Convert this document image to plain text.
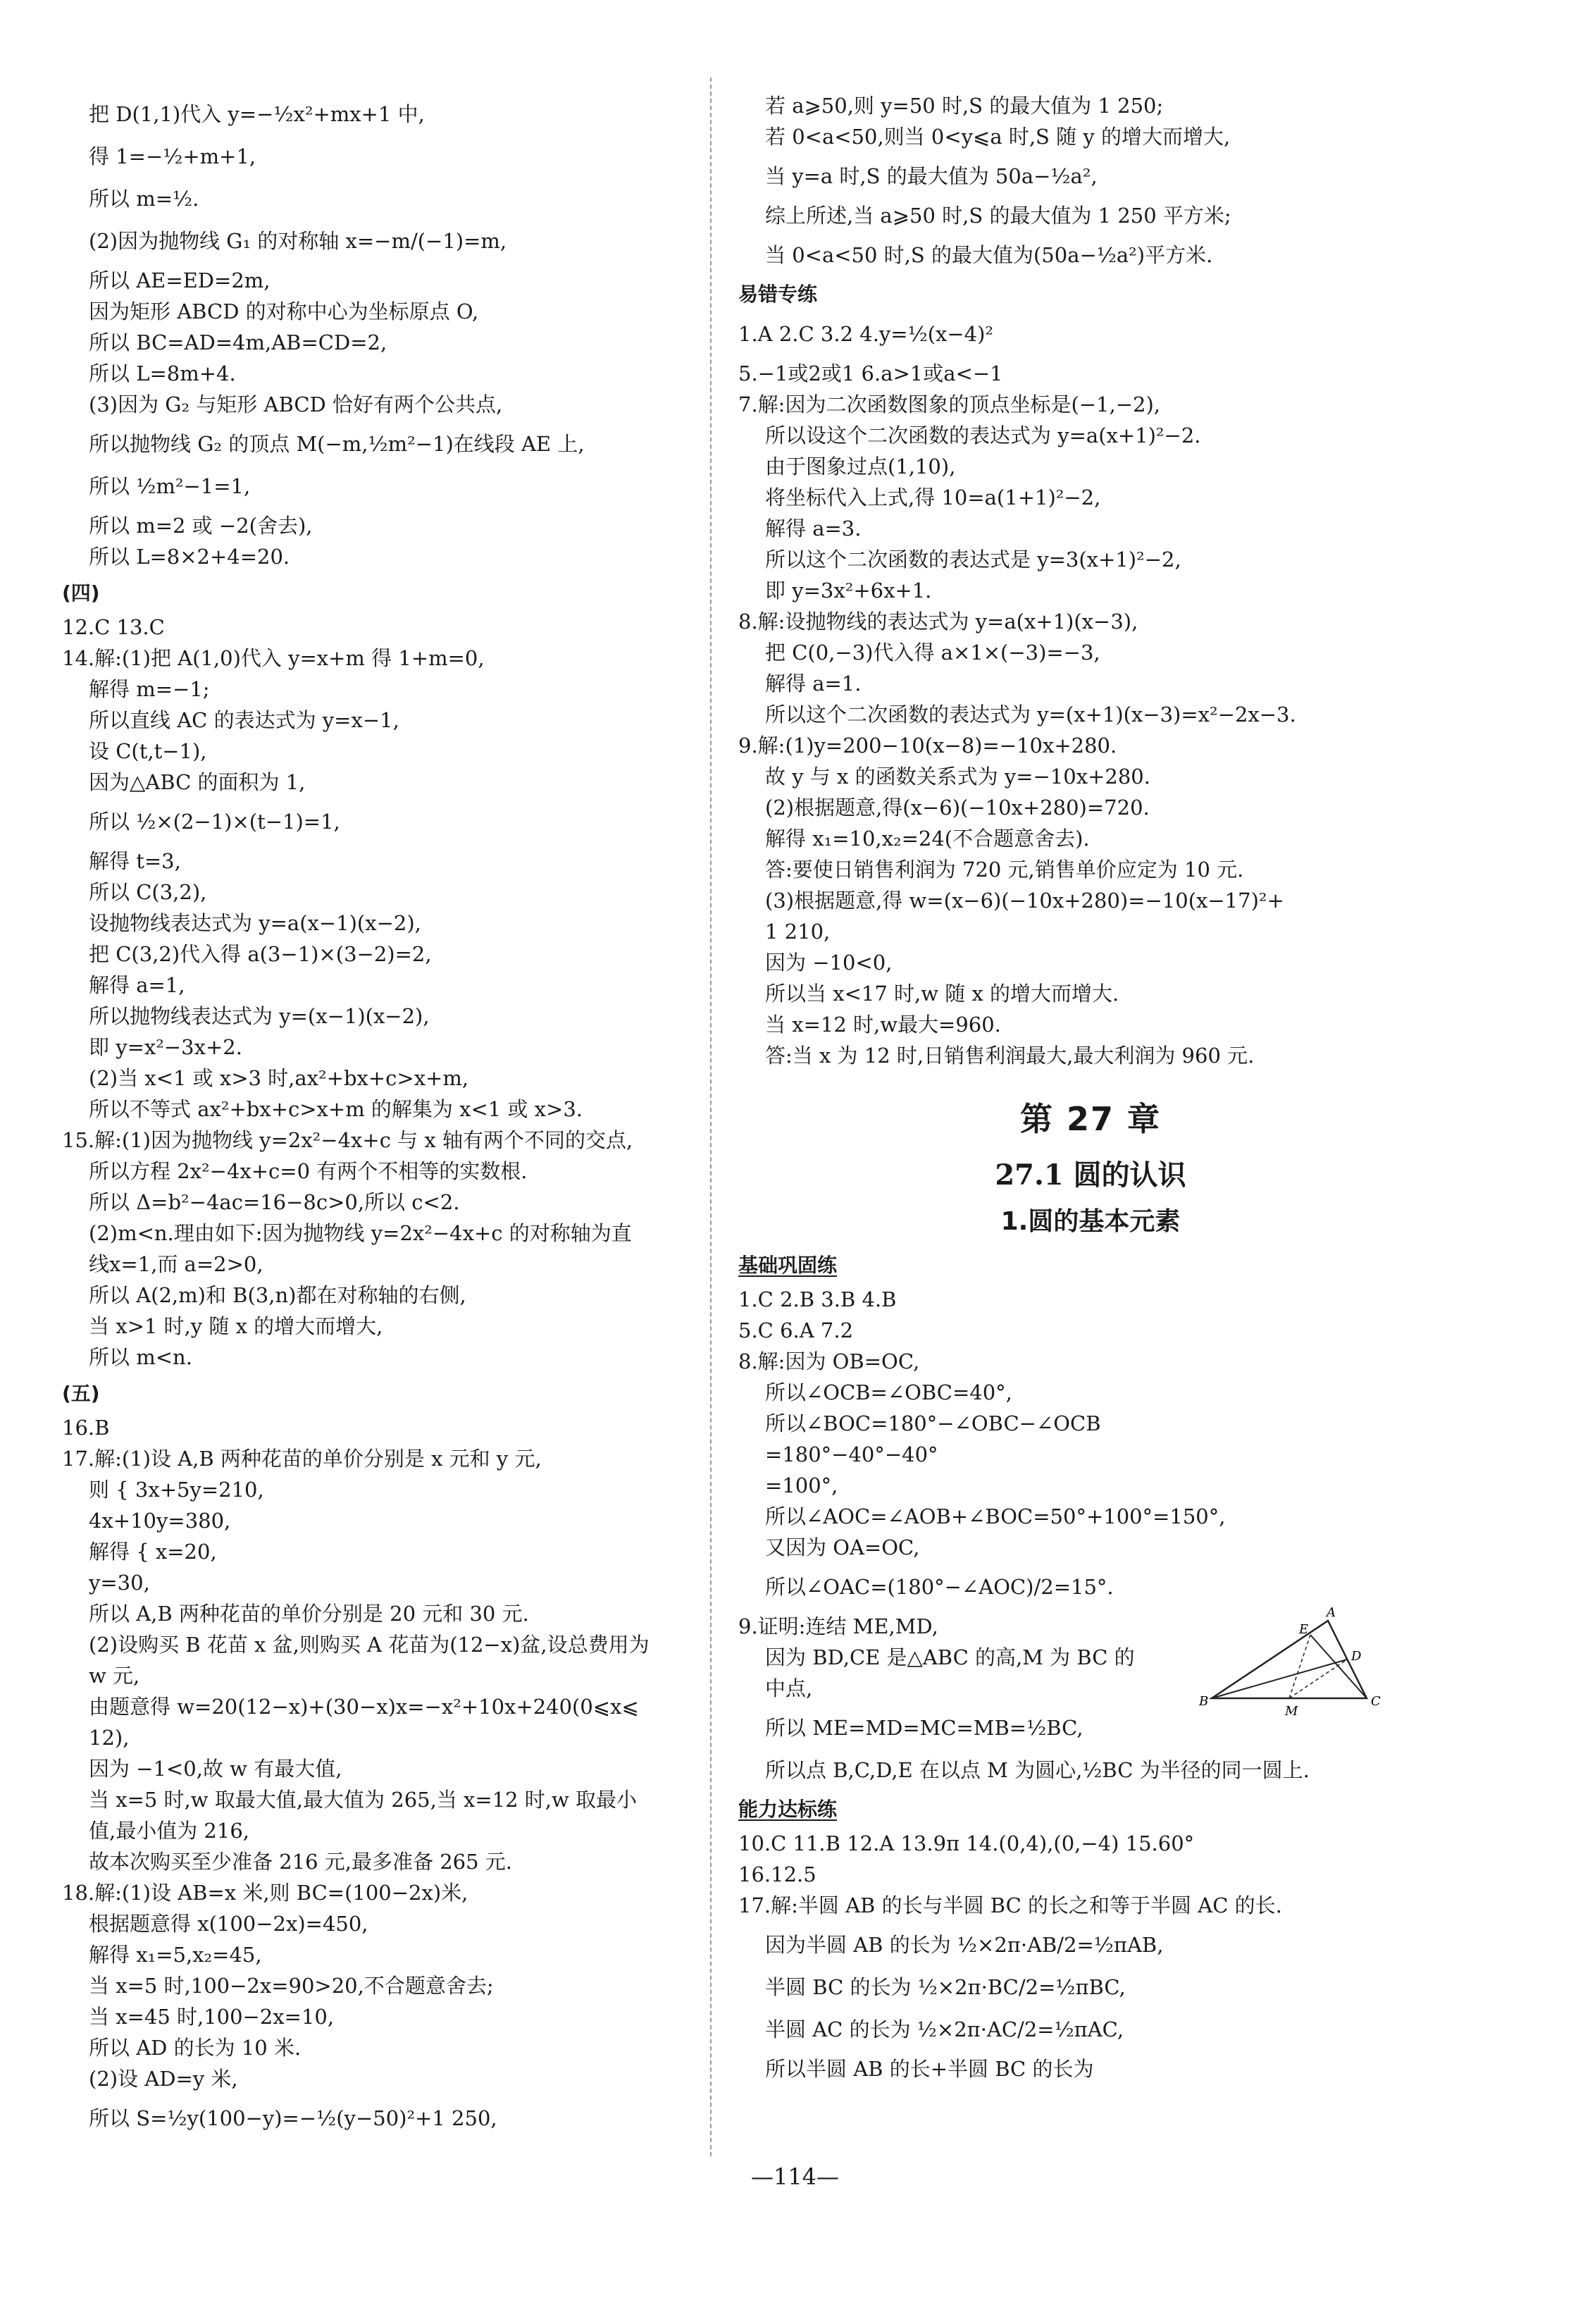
把 D(1,1)代入 y=−½x²+mx+1 中,
得 1=−½+m+1,
所以 m=½.
(2)因为抛物线 G₁ 的对称轴 x=−m/(−1)=m,
所以 AE=ED=2m,
因为矩形 ABCD 的对称中心为坐标原点 O,
所以 BC=AD=4m,AB=CD=2,
所以 L=8m+4.
(3)因为 G₂ 与矩形 ABCD 恰好有两个公共点,
所以抛物线 G₂ 的顶点 M(−m,½m²−1)在线段 AE 上,
所以 ½m²−1=1,
所以 m=2 或 −2(舍去),
所以 L=8×2+4=20.
(四)
12.C 13.C
14.解:(1)把 A(1,0)代入 y=x+m 得 1+m=0,
解得 m=−1;
所以直线 AC 的表达式为 y=x−1,
设 C(t,t−1),
因为△ABC 的面积为 1,
所以 ½×(2−1)×(t−1)=1,
解得 t=3,
所以 C(3,2),
设抛物线表达式为 y=a(x−1)(x−2),
把 C(3,2)代入得 a(3−1)×(3−2)=2,
解得 a=1,
所以抛物线表达式为 y=(x−1)(x−2),
即 y=x²−3x+2.
(2)当 x<1 或 x>3 时,ax²+bx+c>x+m,
所以不等式 ax²+bx+c>x+m 的解集为 x<1 或 x>3.
15.解:(1)因为抛物线 y=2x²−4x+c 与 x 轴有两个不同的交点,
所以方程 2x²−4x+c=0 有两个不相等的实数根.
所以 Δ=b²−4ac=16−8c>0,所以 c<2.
(2)m<n.理由如下:因为抛物线 y=2x²−4x+c 的对称轴为直
线x=1,而 a=2>0,
所以 A(2,m)和 B(3,n)都在对称轴的右侧,
当 x>1 时,y 随 x 的增大而增大,
所以 m<n.
(五)
16.B
17.解:(1)设 A,B 两种花苗的单价分别是 x 元和 y 元,
则 { 3x+5y=210,
4x+10y=380,
解得 { x=20,
y=30,
所以 A,B 两种花苗的单价分别是 20 元和 30 元.
(2)设购买 B 花苗 x 盆,则购买 A 花苗为(12−x)盆,设总费用为
w 元,
由题意得 w=20(12−x)+(30−x)x=−x²+10x+240(0⩽x⩽
12),
因为 −1<0,故 w 有最大值,
当 x=5 时,w 取最大值,最大值为 265,当 x=12 时,w 取最小
值,最小值为 216,
故本次购买至少准备 216 元,最多准备 265 元.
18.解:(1)设 AB=x 米,则 BC=(100−2x)米,
根据题意得 x(100−2x)=450,
解得 x₁=5,x₂=45,
当 x=5 时,100−2x=90>20,不合题意舍去;
当 x=45 时,100−2x=10,
所以 AD 的长为 10 米.
(2)设 AD=y 米,
所以 S=½y(100−y)=−½(y−50)²+1 250,
若 a⩾50,则 y=50 时,S 的最大值为 1 250;
若 0<a<50,则当 0<y⩽a 时,S 随 y 的增大而增大,
当 y=a 时,S 的最大值为 50a−½a²,
综上所述,当 a⩾50 时,S 的最大值为 1 250 平方米;
当 0<a<50 时,S 的最大值为(50a−½a²)平方米.
易错专练
1.A 2.C 3.2 4.y=½(x−4)²
5.−1或2或1 6.a>1或a<−1
7.解:因为二次函数图象的顶点坐标是(−1,−2),
所以设这个二次函数的表达式为 y=a(x+1)²−2.
由于图象过点(1,10),
将坐标代入上式,得 10=a(1+1)²−2,
解得 a=3.
所以这个二次函数的表达式是 y=3(x+1)²−2,
即 y=3x²+6x+1.
8.解:设抛物线的表达式为 y=a(x+1)(x−3),
把 C(0,−3)代入得 a×1×(−3)=−3,
解得 a=1.
所以这个二次函数的表达式为 y=(x+1)(x−3)=x²−2x−3.
9.解:(1)y=200−10(x−8)=−10x+280.
故 y 与 x 的函数关系式为 y=−10x+280.
(2)根据题意,得(x−6)(−10x+280)=720.
解得 x₁=10,x₂=24(不合题意舍去).
答:要使日销售利润为 720 元,销售单价应定为 10 元.
(3)根据题意,得 w=(x−6)(−10x+280)=−10(x−17)²+
1 210,
因为 −10<0,
所以当 x<17 时,w 随 x 的增大而增大.
当 x=12 时,w最大=960.
答:当 x 为 12 时,日销售利润最大,最大利润为 960 元.
第 27 章
27.1 圆的认识
1.圆的基本元素
基础巩固练
1.C 2.B 3.B 4.B
5.C 6.A 7.2
8.解:因为 OB=OC,
所以∠OCB=∠OBC=40°,
所以∠BOC=180°−∠OBC−∠OCB
=180°−40°−40°
=100°,
所以∠AOC=∠AOB+∠BOC=50°+100°=150°,
又因为 OA=OC,
所以∠OAC=(180°−∠AOC)/2=15°.
9.证明:连结 ME,MD,
因为 BD,CE 是△ABC 的高,M 为 BC 的
中点,
所以 ME=MD=MC=MB=½BC,
所以点 B,C,D,E 在以点 M 为圆心,½BC 为半径的同一圆上.
能力达标练
10.C 11.B 12.A 13.9π 14.(0,4),(0,−4) 15.60°
16.12.5
17.解:半圆 AB 的长与半圆 BC 的长之和等于半圆 AC 的长.
因为半圆 AB 的长为 ½×2π·AB/2=½πAB,
半圆 BC 的长为 ½×2π·BC/2=½πBC,
半圆 AC 的长为 ½×2π·AC/2=½πAC,
所以半圆 AB 的长+半圆 BC 的长为
A
B	C
D
E
M
—114—
